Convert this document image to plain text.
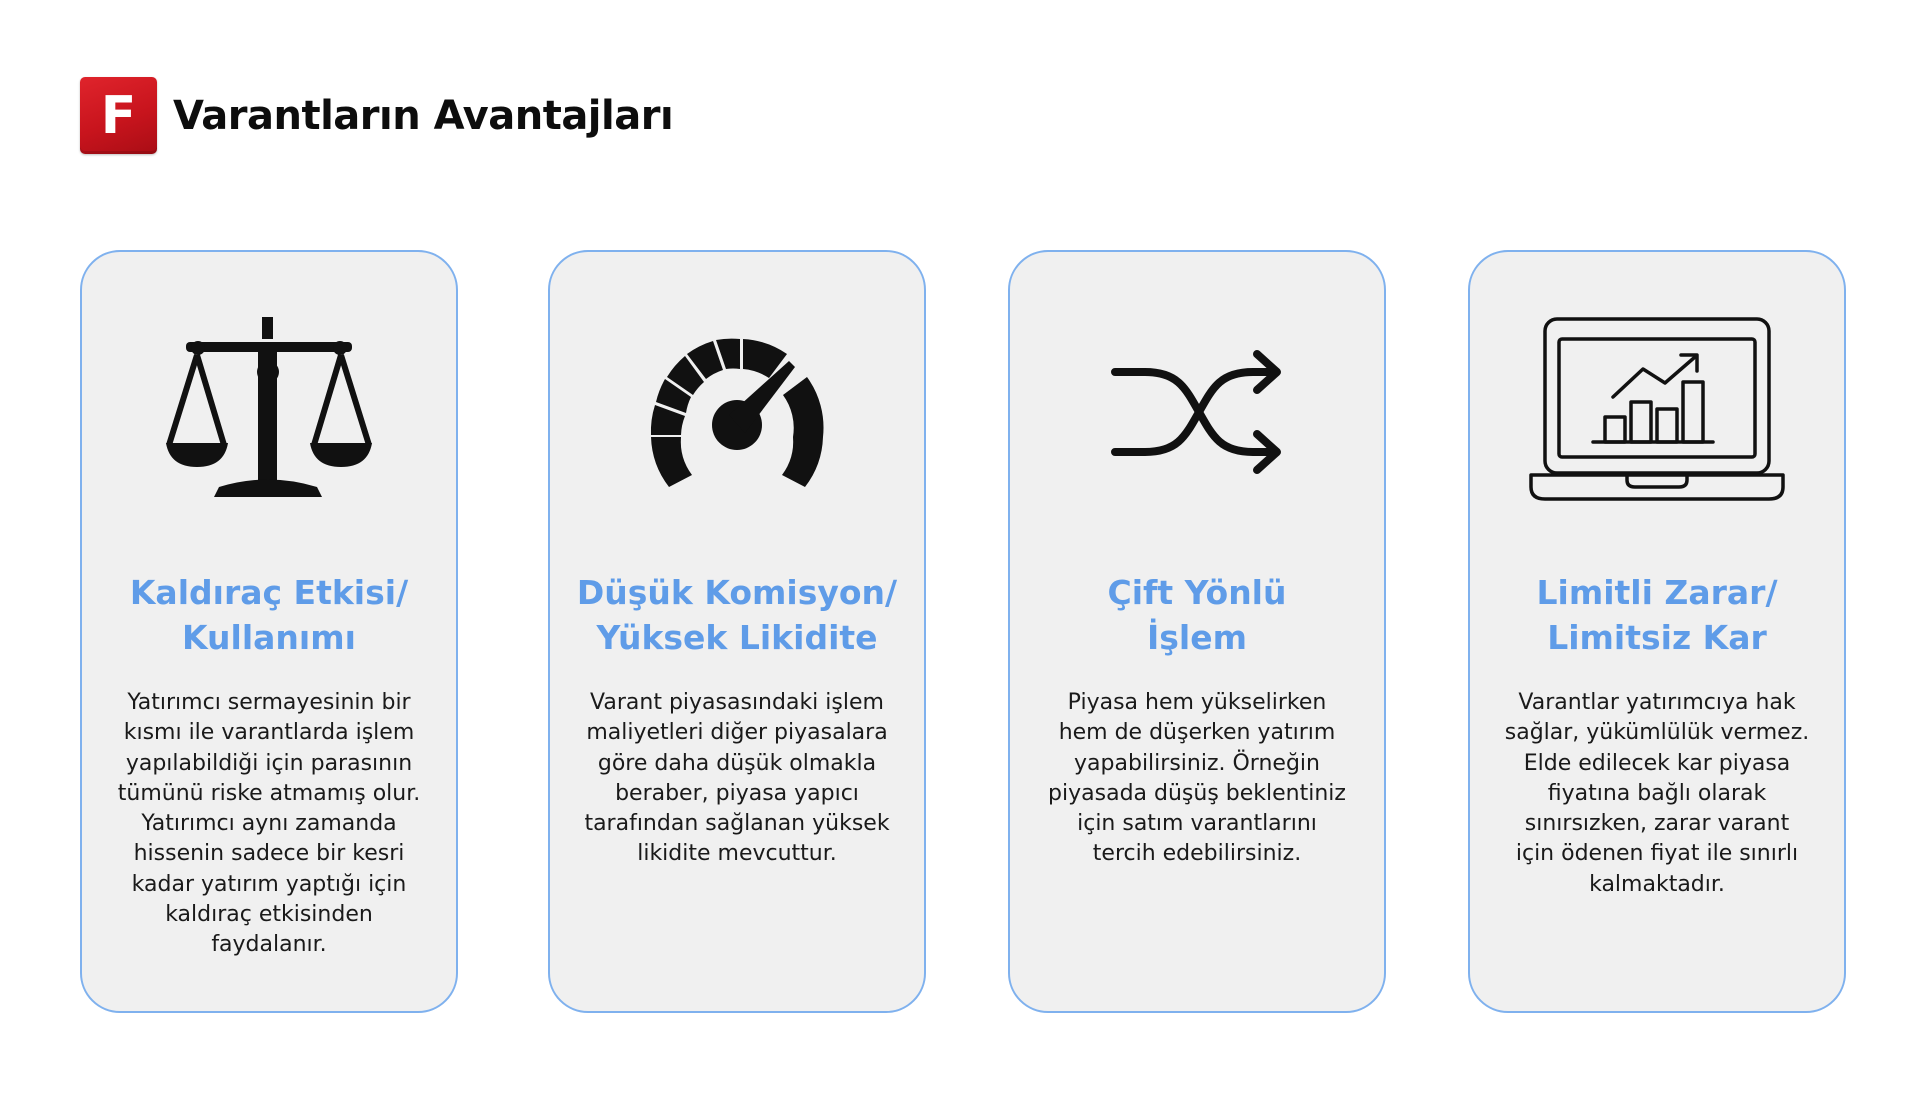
F Varantların Avantajları
Kaldıraç Etkisi/
Kullanımı
Yatırımcı sermayesinin bir
kısmı ile varantlarda işlem
yapılabildiği için parasının
tümünü riske atmamış olur.
Yatırımcı aynı zamanda
hissenin sadece bir kesri
kadar yatırım yaptığı için
kaldıraç etkisinden
faydalanır.
Düşük Komisyon/
Yüksek Likidite
Varant piyasasındaki işlem
maliyetleri diğer piyasalara
göre daha düşük olmakla
beraber, piyasa yapıcı
tarafından sağlanan yüksek
likidite mevcuttur.
Çift Yönlü
İşlem
Piyasa hem yükselirken
hem de düşerken yatırım
yapabilirsiniz. Örneğin
piyasada düşüş beklentiniz
için satım varantlarını
tercih edebilirsiniz.
Limitli Zarar/
Limitsiz Kar
Varantlar yatırımcıya hak
sağlar, yükümlülük vermez.
Elde edilecek kar piyasa
fiyatına bağlı olarak
sınırsızken, zarar varant
için ödenen fiyat ile sınırlı
kalmaktadır.
